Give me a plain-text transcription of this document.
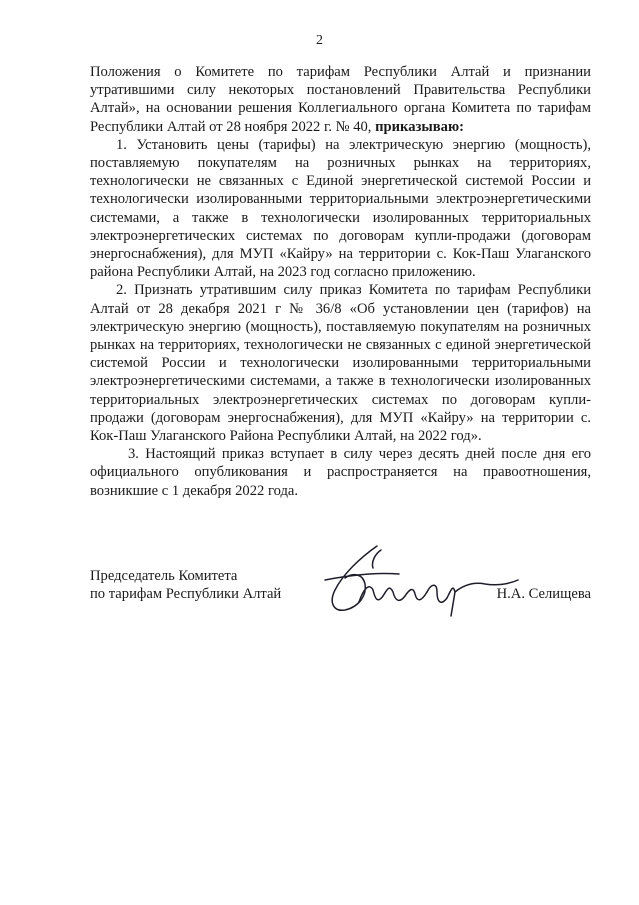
2

Положения о Комитете по тарифам Республики Алтай и признании утратившими силу некоторых постановлений Правительства Республики Алтай», на основании решения Коллегиального органа Комитета по тарифам Республики Алтай от 28 ноября 2022 г. № 40, приказываю:

1. Установить цены (тарифы) на электрическую энергию (мощность), поставляемую покупателям на розничных рынках на территориях, технологически не связанных с Единой энергетической системой России и технологически изолированными территориальными электроэнергетическими системами, а также в технологически изолированных территориальных электроэнергетических системах по договорам купли-продажи (договорам энергоснабжения), для МУП «Кайру» на территории с. Кок-Паш Улаганского района Республики Алтай, на 2023 год согласно приложению.

2. Признать утратившим силу приказ Комитета по тарифам Республики Алтай от 28 декабря 2021 г № 36/8 «Об установлении цен (тарифов) на электрическую энергию (мощность), поставляемую покупателям на розничных рынках на территориях, технологически не связанных с единой энергетической системой России и технологически изолированными территориальными электроэнергетическими системами, а также в технологически изолированных территориальных электроэнергетических системах по договорам купли-продажи (договорам энергоснабжения), для МУП «Кайру» на территории с. Кок-Паш Улаганского Района Республики Алтай, на 2022 год».

3. Настоящий приказ вступает в силу через десять дней после дня его официального опубликования и распространяется на правоотношения, возникшие с 1 декабря 2022 года.

Председатель Комитета
по тарифам Республики Алтай	Н.А. Селищева
